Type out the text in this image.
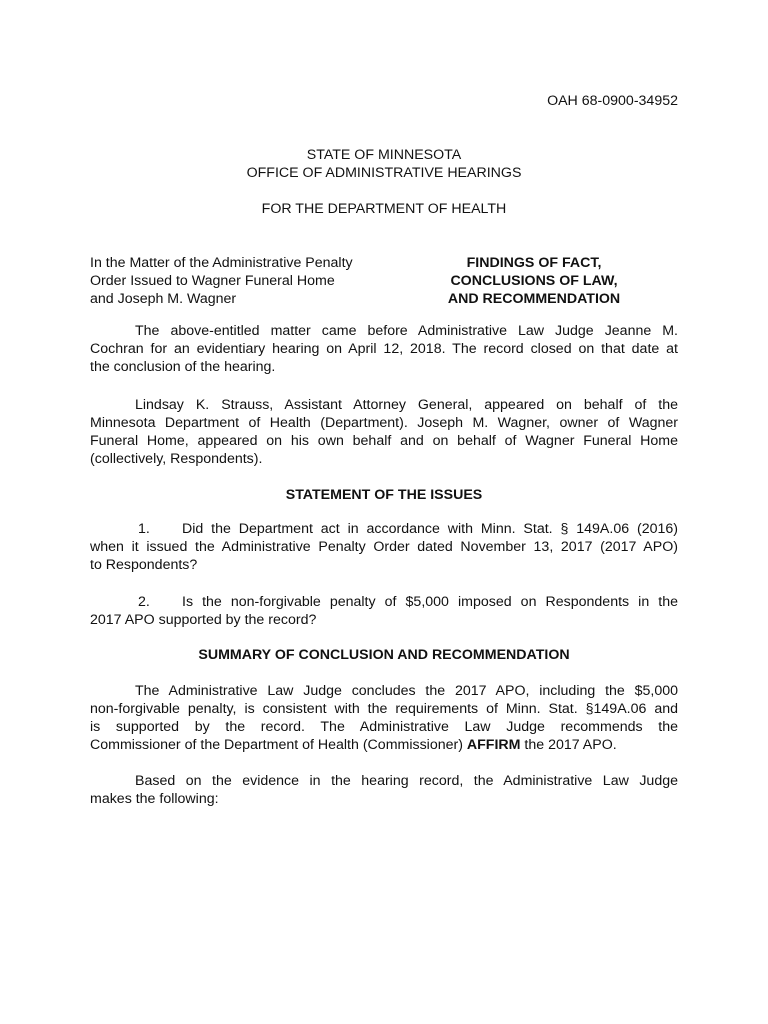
OAH 68-0900-34952
STATE OF MINNESOTA
OFFICE OF ADMINISTRATIVE HEARINGS
FOR THE DEPARTMENT OF HEALTH
In the Matter of the Administrative Penalty
Order Issued to Wagner Funeral Home
and Joseph M. Wagner
FINDINGS OF FACT,
CONCLUSIONS OF LAW,
AND RECOMMENDATION
The above-entitled matter came before Administrative Law Judge Jeanne M.
Cochran for an evidentiary hearing on April 12, 2018. The record closed on that date at
the conclusion of the hearing.
Lindsay K. Strauss, Assistant Attorney General, appeared on behalf of the
Minnesota Department of Health (Department). Joseph M. Wagner, owner of Wagner
Funeral Home, appeared on his own behalf and on behalf of Wagner Funeral Home
(collectively, Respondents).
STATEMENT OF THE ISSUES
1. Did the Department act in accordance with Minn. Stat. § 149A.06 (2016)
when it issued the Administrative Penalty Order dated November 13, 2017 (2017 APO)
to Respondents?
2. Is the non-forgivable penalty of $5,000 imposed on Respondents in the
2017 APO supported by the record?
SUMMARY OF CONCLUSION AND RECOMMENDATION
The Administrative Law Judge concludes the 2017 APO, including the $5,000
non-forgivable penalty, is consistent with the requirements of Minn. Stat. §149A.06 and
is supported by the record. The Administrative Law Judge recommends the
Commissioner of the Department of Health (Commissioner) AFFIRM the 2017 APO.
Based on the evidence in the hearing record, the Administrative Law Judge
makes the following:
